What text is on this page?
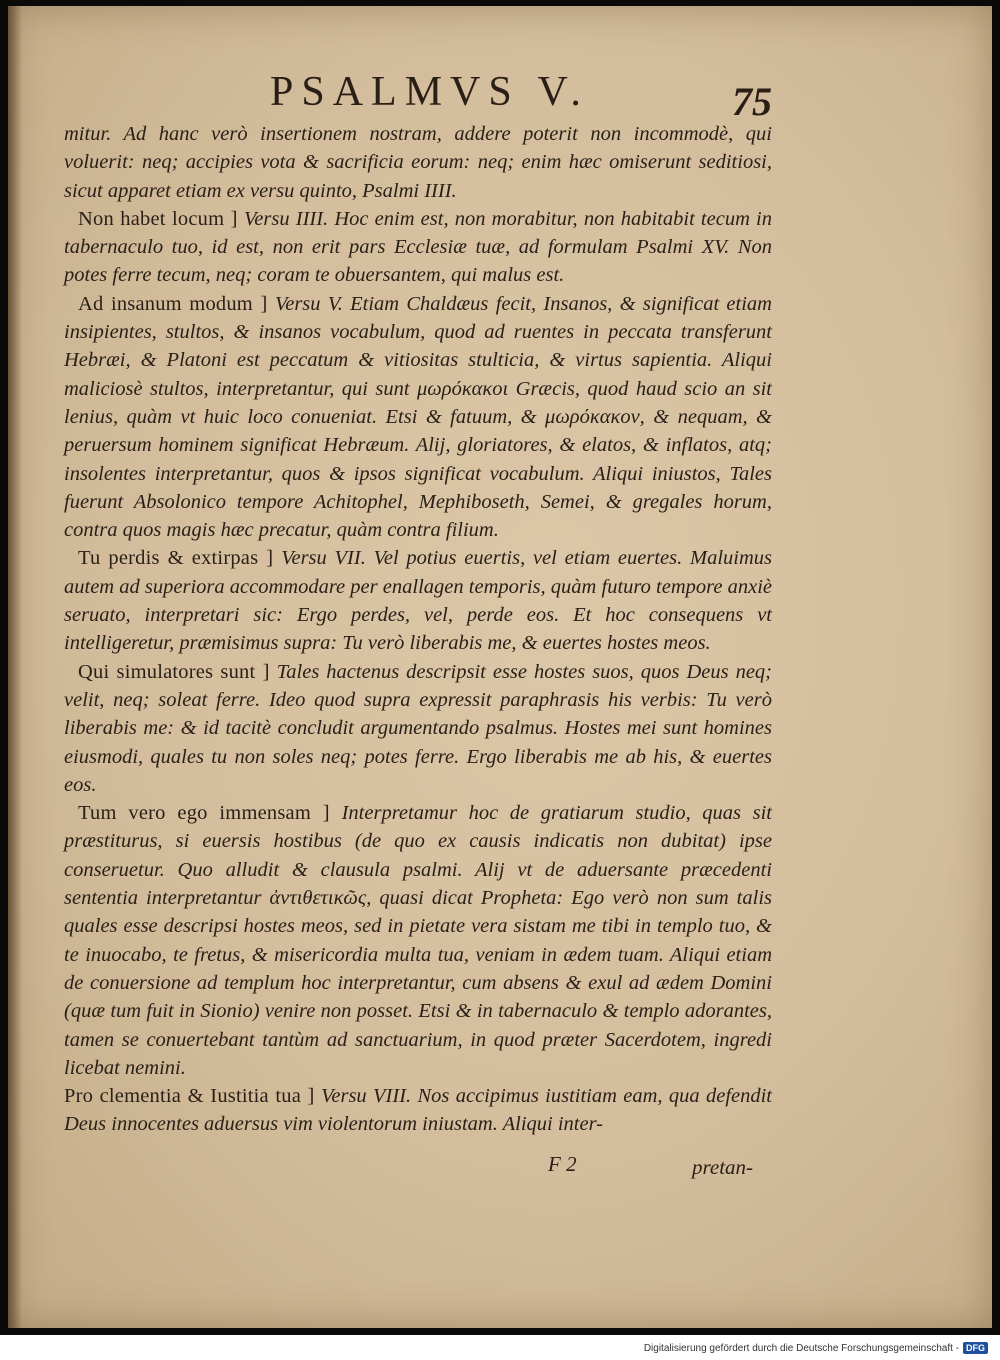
PSALMVS V.	75

mitur. Ad hanc verò insertionem nostram, addere poterit non incommodè, qui voluerit: neq; accipies vota & sacrificia eorum: neq; enim hæc omiserunt seditiosi, sicut apparet etiam ex versu quinto, Psalmi IIII.

Non habet locum ] Versu IIII. Hoc enim est, non morabitur, non habitabit tecum in tabernaculo tuo, id est, non erit pars Ecclesiæ tuæ, ad formulam Psalmi XV. Non potes ferre tecum, neq; coram te obuersantem, qui malus est.

Ad insanum modum ] Versu V. Etiam Chaldæus fecit, Insanos, & significat etiam insipientes, stultos, & insanos vocabulum, quod ad ruentes in peccata transferunt Hebræi, & Platoni est peccatum & vitiositas stulticia, & virtus sapientia. Aliqui maliciosè stultos, interpretantur, qui sunt μωρόκακοι Græcis, quod haud scio an sit lenius, quàm vt huic loco conueniat. Etsi & fatuum, & μωρόκακον, & nequam, & peruersum hominem significat Hebræum. Alij, gloriatores, & elatos, & inflatos, atq; insolentes interpretantur, quos & ipsos significat vocabulum. Aliqui iniustos, Tales fuerunt Absolonico tempore Achitophel, Mephiboseth, Semei, & gregales horum, contra quos magis hæc precatur, quàm contra filium.

Tu perdis & extirpas ] Versu VII. Vel potius euertis, vel etiam euertes. Maluimus autem ad superiora accommodare per enallagen temporis, quàm futuro tempore anxiè seruato, interpretari sic: Ergo perdes, vel, perde eos. Et hoc consequens vt intelligeretur, præmisimus supra: Tu verò liberabis me, & euertes hostes meos.

Qui simulatores sunt ] Tales hactenus descripsit esse hostes suos, quos Deus neq; velit, neq; soleat ferre. Ideo quod supra expressit paraphrasis his verbis: Tu verò liberabis me: & id tacitè concludit argumentando psalmus. Hostes mei sunt homines eiusmodi, quales tu non soles neq; potes ferre. Ergo liberabis me ab his, & euertes eos.

Tum vero ego immensam ] Interpretamur hoc de gratiarum studio, quas sit præstiturus, si euersis hostibus (de quo ex causis indicatis non dubitat) ipse conseruetur. Quo alludit & clausula psalmi. Alij vt de aduersante præcedenti sententia interpretantur ἀντιθετικῶς, quasi dicat Propheta: Ego verò non sum talis quales esse descripsi hostes meos, sed in pietate vera sistam me tibi in templo tuo, & te inuocabo, te fretus, & misericordia multa tua, veniam in ædem tuam. Aliqui etiam de conuersione ad templum hoc interpretantur, cum absens & exul ad ædem Domini (quæ tum fuit in Sionio) venire non posset. Etsi & in tabernaculo & templo adorantes, tamen se conuertebant tantùm ad sanctuarium, in quod præter Sacerdotem, ingredi licebat nemini.

Pro clementia & Iustitia tua ] Versu VIII. Nos accipimus iustitiam eam, qua defendit Deus innocentes aduersus vim violentorum iniustam. Aliqui inter-

F 2	pretan-
Digitalisierung gefördert durch die Deutsche Forschungsgemeinschaft - DFG
